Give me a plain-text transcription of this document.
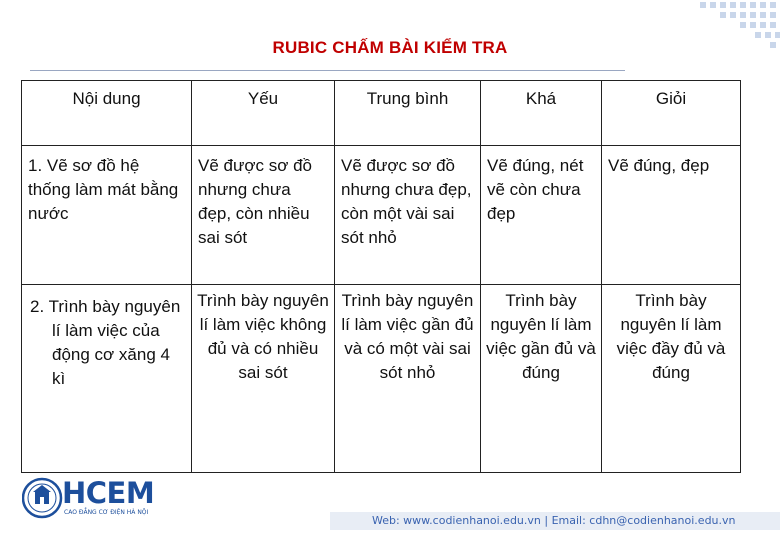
RUBIC CHẤM BÀI KIỂM TRA
Nội dung	Yếu	Trung bình	Khá	Giỏi
1. Vẽ sơ đồ hệ thống làm mát bằng nước	Vẽ được sơ đồ nhưng chưa đẹp, còn nhiều sai sót	Vẽ được sơ đồ nhưng chưa đẹp, còn một vài sai sót nhỏ	Vẽ đúng, nét vẽ còn chưa đẹp	Vẽ đúng, đẹp
2. Trình bày nguyên lí làm việc của động cơ xăng 4 kì	Trình bày nguyên lí làm việc không đủ và có nhiều sai sót	Trình bày nguyên lí làm việc gần đủ và có một vài sai sót nhỏ	Trình bày nguyên lí làm việc gần đủ và đúng	Trình bày nguyên lí làm việc đầy đủ và đúng
HCEM
CAO ĐẲNG CƠ ĐIỆN HÀ NỘI
Web: www.codienhanoi.edu.vn | Email: cdhn@codienhanoi.edu.vn
